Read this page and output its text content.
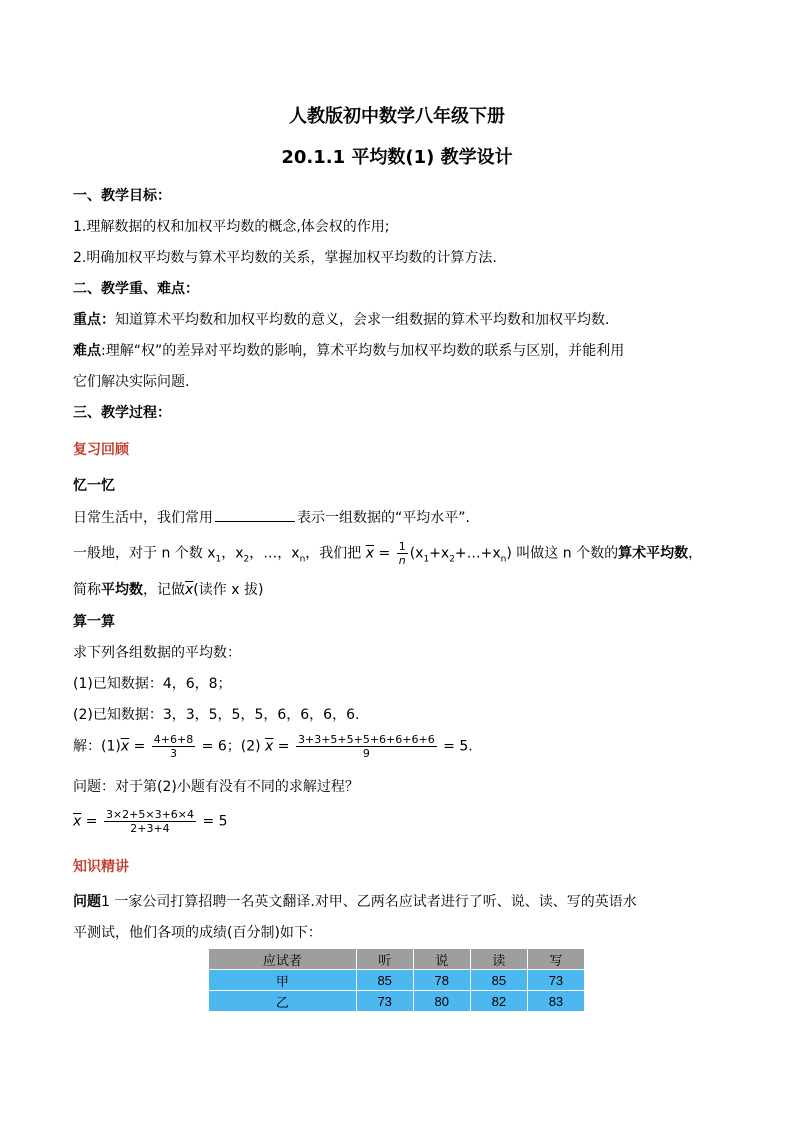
人教版初中数学八年级下册
20.1.1 平均数(1) 教学设计
一、教学目标：
1.理解数据的权和加权平均数的概念,体会权的作用;
2.明确加权平均数与算术平均数的关系，掌握加权平均数的计算方法.
二、教学重、难点：
重点：知道算术平均数和加权平均数的意义，会求一组数据的算术平均数和加权平均数.
难点:理解“权”的差异对平均数的影响，算术平均数与加权平均数的联系与区别，并能利用
它们解决实际问题.
三、教学过程：
复习回顾
忆一忆
日常生活中，我们常用	表示一组数据的“平均水平”.
一般地，对于 n 个数 $x_1$，$x_2$，…，$x_n$，我们把 $\overline{x} = \frac{1}{n}$ $(x_1+x_2+\dots+x_n)$ 叫做这 n 个数的算术平均数，
简称平均数，记做$\overline{x}$(读作 x 拔)
算一算
求下列各组数据的平均数：
(1)已知数据：4，6，8；
(2)已知数据：3，3，5，5，5，6，6，6，6.
解：$(1)\overline{x} = \frac{4+6+8}{3} = 6$；(2) $\overline{x} = \frac{3+3+5+5+5+6+6+6+6}{9} = 5$.
问题：对于第(2)小题有没有不同的求解过程？
$\overline{x} = \frac{3\times 2+5\times 3+6\times 4}{2+3+4} = 5$
知识精讲
问题1 一家公司打算招聘一名英文翻译.对甲、乙两名应试者进行了听、说、读、写的英语水
平测试，他们各项的成绩(百分制)如下：
应试者	听	说	读	写
甲	85	78	85	73
乙	73	80	82	83
